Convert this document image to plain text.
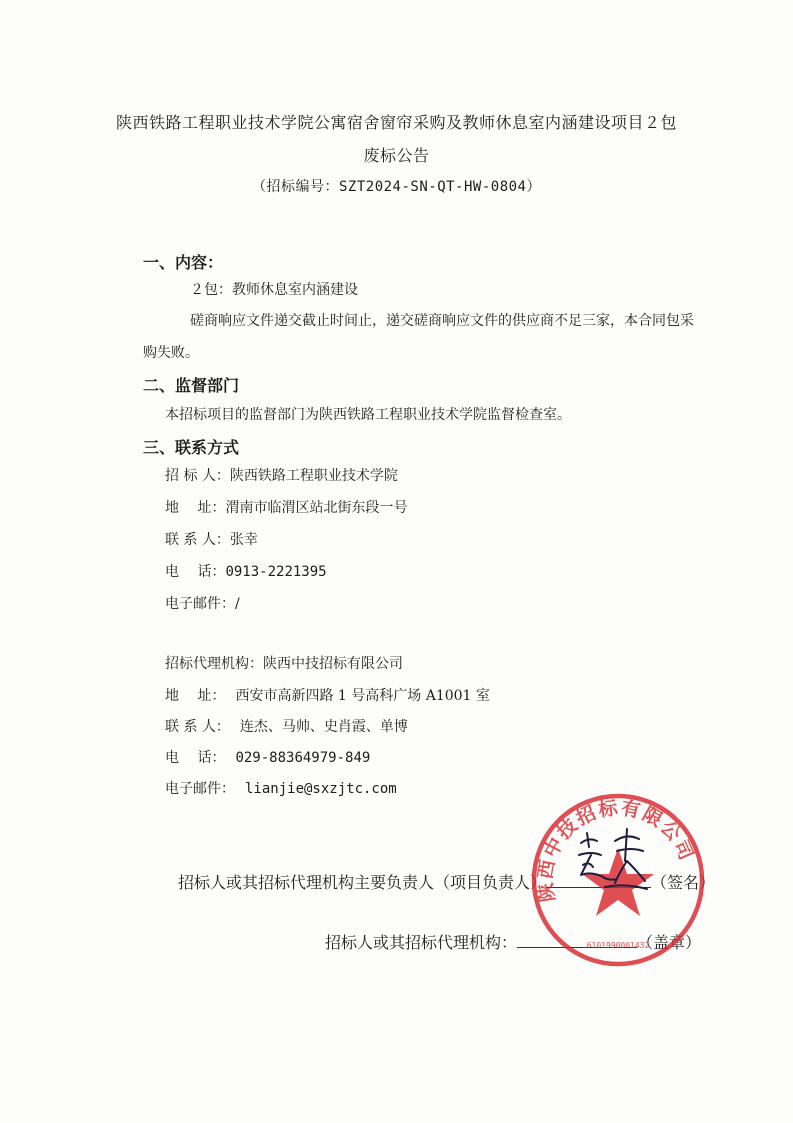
陕西铁路工程职业技术学院公寓宿舍窗帘采购及教师休息室内涵建设项目２包
废标公告
（招标编号：SZT2024-SN-QT-HW-0804）
一、内容：
２包：教师休息室内涵建设
磋商响应文件递交截止时间止，递交磋商响应文件的供应商不足三家，本合同包采
购失败。
二、监督部门
本招标项目的监督部门为陕西铁路工程职业技术学院监督检查室。
三、联系方式
招 标 人：陕西铁路工程职业技术学院
地　 址：渭南市临渭区站北街东段一号
联 系 人：张幸
电　 话：0913-2221395
电子邮件：/
招标代理机构：陕西中技招标有限公司
地　 址： 西安市高新四路 1 号高科广场 A1001 室
联 系 人： 连杰、马帅、史肖霞、单博
电　 话： 029-88364979-849
电子邮件： lianjie@sxzjtc.com
招标人或其招标代理机构主要负责人（项目负责人）	（签名）
招标人或其招标代理机构：	（盖章）
陕西中技招标有限公司
6101990001432
